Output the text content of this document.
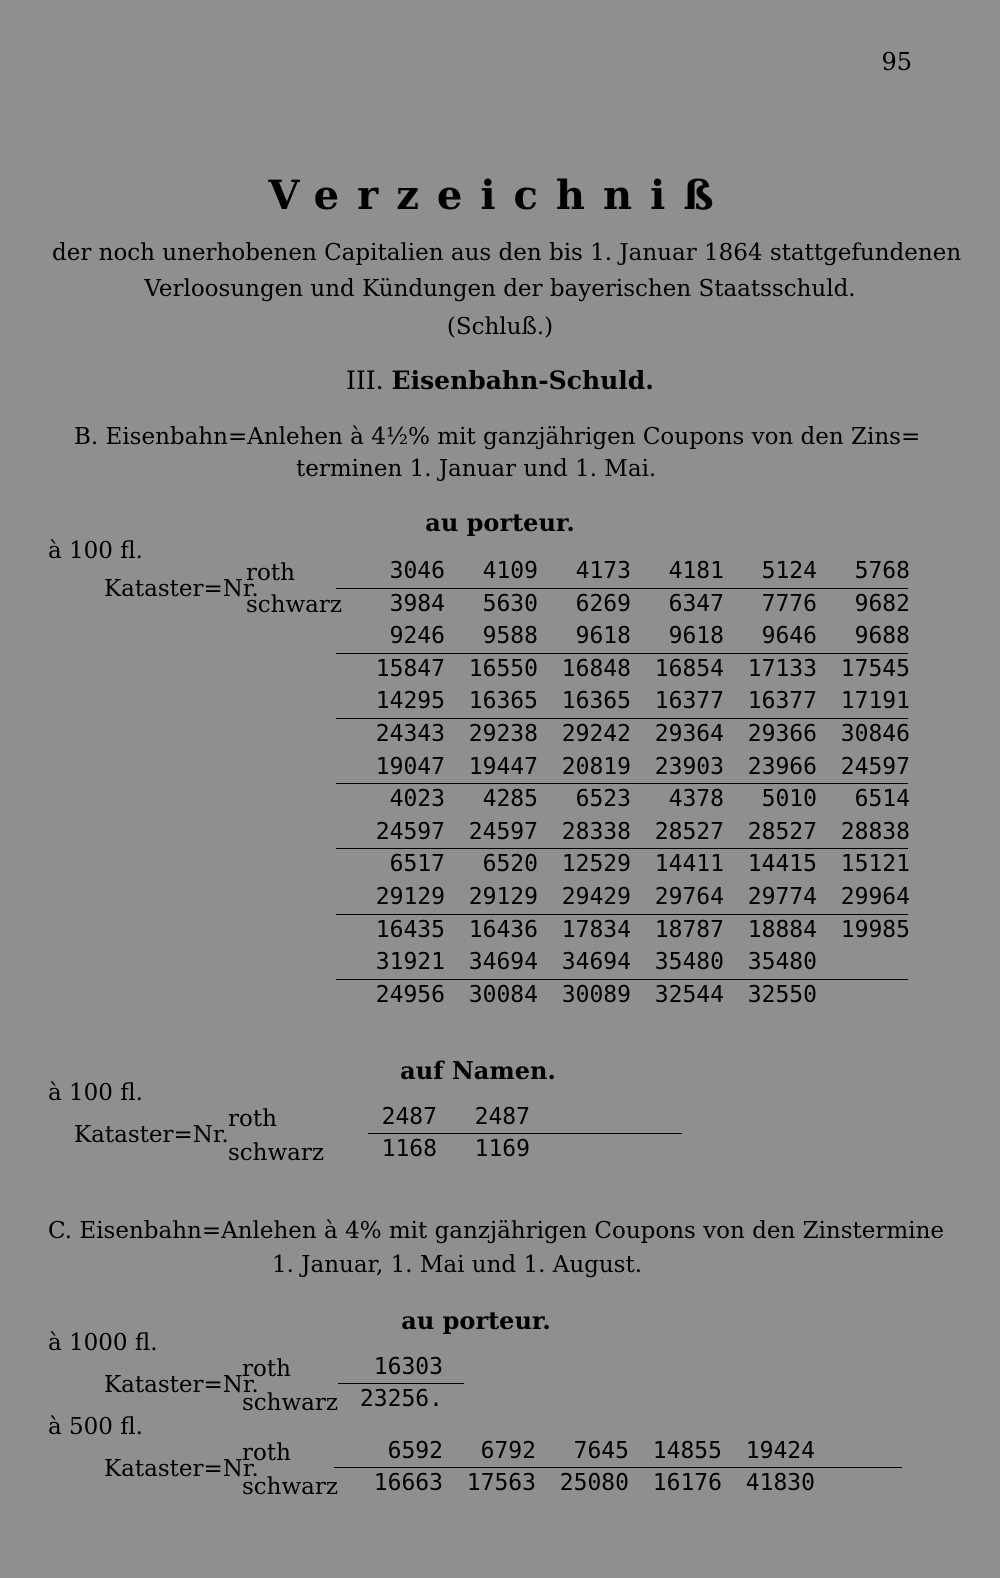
95
Verzeichniß
der noch unerhobenen Capitalien aus den bis 1. Januar 1864 stattgefundenen
Verloosungen und Kündungen der bayerischen Staatsschuld.
(Schluß.)
III. Eisenbahn-Schuld.
B. Eisenbahn=Anlehen à 4½% mit ganzjährigen Coupons von den Zins=
terminen 1. Januar und 1. Mai.
au porteur.
à 100 fl.
Kataster=Nr.
roth
schwarz
3046	4109	4173	4181	5124	5768
3984	5630	6269	6347	7776	9682
9246	9588	9618	9618	9646	9688
15847	16550	16848	16854	17133	17545
14295	16365	16365	16377	16377	17191
24343	29238	29242	29364	29366	30846
19047	19447	20819	23903	23966	24597
4023	4285	6523	4378	5010	6514
24597	24597	28338	28527	28527	28838
6517	6520	12529	14411	14415	15121
29129	29129	29429	29764	29774	29964
16435	16436	17834	18787	18884	19985
31921	34694	34694	35480	35480
24956	30084	30089	32544	32550
auf Namen.
à 100 fl.
Kataster=Nr.
roth
schwarz
2487	2487
1168	1169
C. Eisenbahn=Anlehen à 4% mit ganzjährigen Coupons von den Zinstermine
1. Januar, 1. Mai und 1. August.
au porteur.
à 1000 fl.
Kataster=Nr.
roth
schwarz
16303
23256.
à 500 fl.
Kataster=Nr.
roth
schwarz
6592	6792	7645	14855	19424
16663	17563	25080	16176	41830
